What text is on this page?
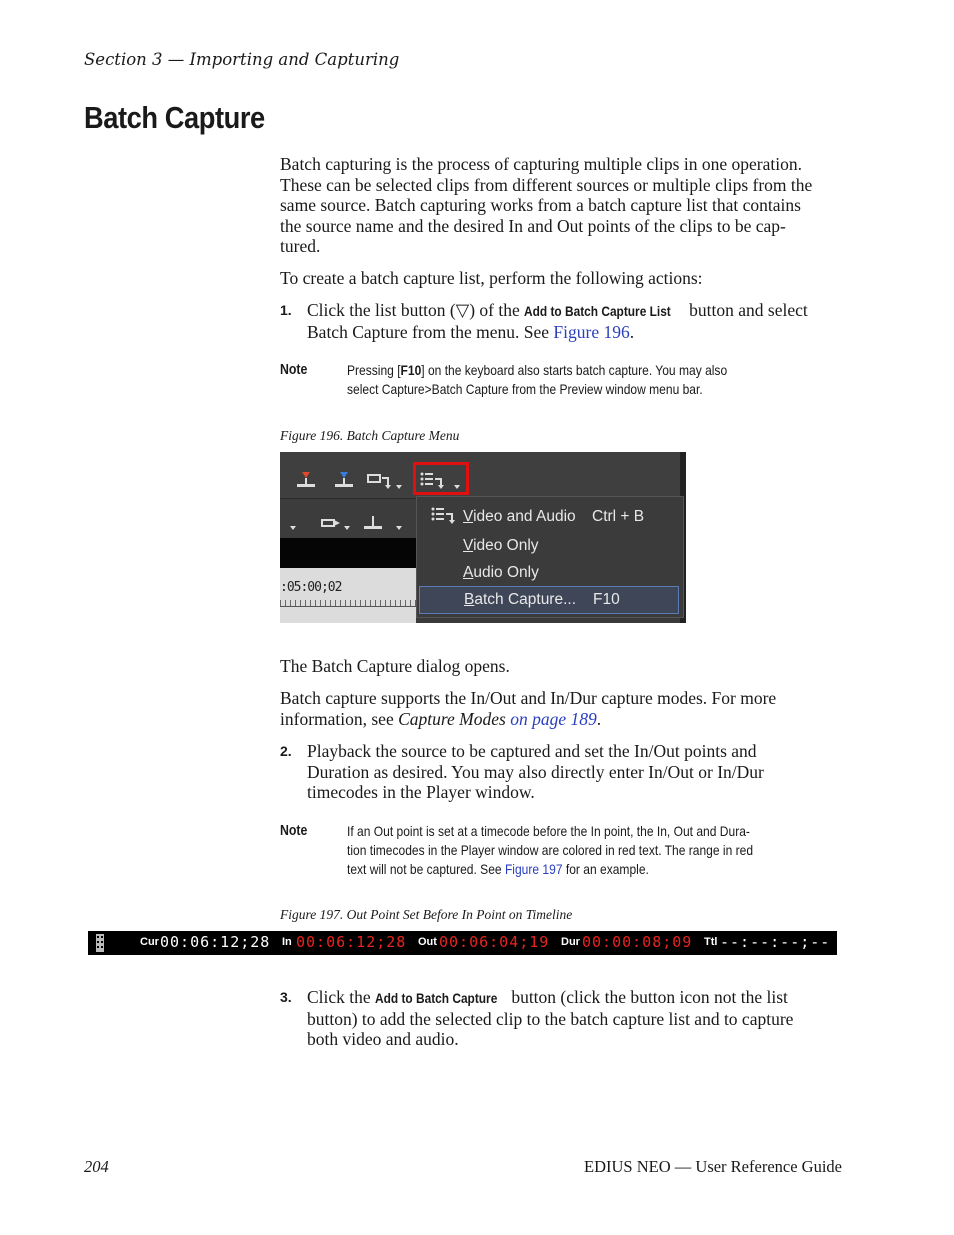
Section 3 — Importing and Capturing
Batch Capture
Batch capturing is the process of capturing multiple clips in one operation.
These can be selected clips from different sources or multiple clips from the
same source. Batch capturing works from a batch capture list that contains
the source name and the desired In and Out points of the clips to be cap-
tured.
To create a batch capture list, perform the following actions:
1. Click the list button (▽) of the Add to Batch Capture List button and select
Batch Capture from the menu. See Figure 196.
Note	Pressing [F10] on the keyboard also starts batch capture. You may also
select Capture>Batch Capture from the Preview window menu bar.
Figure 196. Batch Capture Menu
:05:00;02
Video and Audio Ctrl + B
Video Only
Audio Only
Batch Capture... F10
The Batch Capture dialog opens.
Batch capture supports the In/Out and In/Dur capture modes. For more
information, see Capture Modes on page 189.
2. Playback the source to be captured and set the In/Out points and
Duration as desired. You may also directly enter In/Out or In/Dur
timecodes in the Player window.
Note	If an Out point is set at a timecode before the In point, the In, Out and Dura-
tion timecodes in the Player window are colored in red text. The range in red
text will not be captured. See Figure 197 for an example.
Figure 197. Out Point Set Before In Point on Timeline
Cur 00:06:12;28 In 00:06:12;28 Out 00:06:04;19 Dur 00:00:08;09 Ttl --:--:--;--
3. Click the Add to Batch Capture button (click the button icon not the list
button) to add the selected clip to the batch capture list and to capture
both video and audio.
204	EDIUS NEO — User Reference Guide
